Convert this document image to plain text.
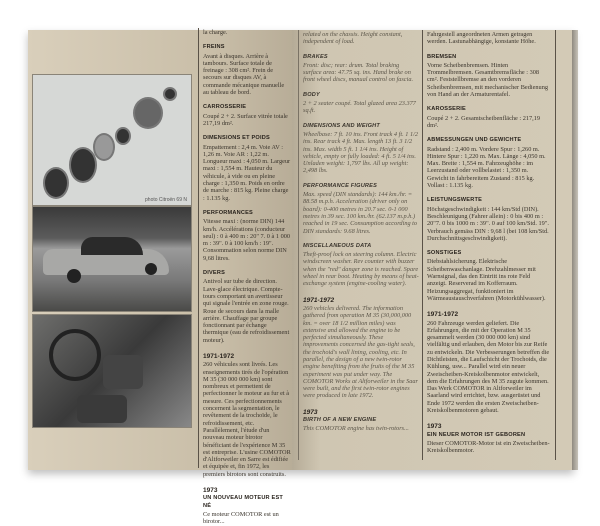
photo Citroën 69 N

la charge.

FREINS

Avant à disques. Arrière à tambours. Surface totale de freinage : 308 cm². Frein de secours sur disques AV, à commande mécanique manuelle au tableau de bord.

CARROSSERIE

Coupé 2 + 2. Surface vitrée totale 217,19 dm².

DIMENSIONS ET POIDS

Empattement : 2,4 m. Voie AV : 1,26 m. Voie AR : 1,22 m. Longueur maxi : 4,050 m. Largeur maxi : 1,554 m. Hauteur du véhicule, à vide ou en pleine charge : 1,350 m. Poids en ordre de marche : 815 kg. Pleine charge : 1.135 kg.

PERFORMANCES

Vitesse maxi : (norme DIN) 144 km/h. Accélérations (conducteur seul) : 0 à 400 m : 20" 7. 0 à 1 000 m : 39". 0 à 100 km/h : 19". Consommation selon norme DIN 9,68 litres.

DIVERS

Antivol sur tube de direction. Lave-glace électrique. Compte-tours comportant un avertisseur qui signale l'entrée en zone rouge. Roue de secours dans la malle arrière. Chauffage par groupe fonctionnant par échange thermique (eau de refroidissement moteur).

1971-1972

260 véhicules sont livrés. Les enseignements tirés de l'opération M 35 (30 000 000 km) sont nombreux et permettent de perfectionner le moteur au fur et à mesure. Ces perfectionnements concernent la segmentation, le revêtement de la trochoïde, le refroidissement, etc. Parallèlement, l'étude d'un nouveau moteur birotor bénéficiant de l'expérience M 35 est entreprise. L'usine COMOTOR d'Altforweiler en Sarre est édifiée et équipée et, fin 1972, les premiers birotors sont construits.

1973
UN NOUVEAU MOTEUR EST NÉ

Ce moteur COMOTOR est un birotor...

related on the chassis. Height constant, independent of load.

BRAKES

Front: disc; rear: drum. Total braking surface area: 47.75 sq. ins. Hand brake on front wheel discs, manual control on fascia.

BODY

2 + 2 seater coupé. Total glazed area 23.377 sq.ft.

DIMENSIONS AND WEIGHT

Wheelbase: 7 ft. 10 ins. Front track 4 ft. 1 1/2 ins. Rear track 4 ft. Max. length 13 ft. 3 1/2 ins. Max. width 5 ft. 1 1/4 ins. Height of vehicle, empty or fully loaded: 4 ft. 5 1/4 ins. Unladen weight: 1,797 lbs. All up weight: 2,498 lbs.

PERFORMANCE FIGURES

Max. speed (DIN standards): 144 km./hr. = 88.58 m.p.h. Acceleration (driver only on board): 0-400 metres in 20.7 sec. 0-1 000 metres in 39 sec. 100 km./hr. (62.137 m.p.h.) reached in 19 sec. Consumption according to DIN standards: 9.68 litres.

MISCELLANEOUS DATA

Theft-proof lock on steering column. Electric windscreen washer. Rev counter with buzzer when the "red" danger zone is reached. Spare wheel in rear boot. Heating by means of heat-exchange system (engine-cooling water).

1971-1972

260 vehicles delivered. The information gathered from operation M 35 (30,000,000 km. = over 18 1/2 million miles) was extensive and allowed the engine to be perfected simultaneously. These improvements concerned the gas-tight seals, the trochoid's wall lining, cooling, etc. In parallel, the design of a new twin-rotor engine benefiting from the fruits of the M 35 experiment was put under way. The COMOTOR Works at Altforweiler in the Saar were built, and the first twin-rotor engines were produced in late 1972.

1973
BIRTH OF A NEW ENGINE

This COMOTOR engine has twin-rotors...

Fahrgestell angeordneten Armen getragen werden. Lastunabhängige, konstante Höhe.

BREMSEN

Vorne Scheibenbremsen. Hinten Trommelbremsen. Gesamtbremsfläche : 308 cm². Feststellbremse an den vorderen Scheibenbremsen, mit mechanischer Bedienung von Hand an der Armaturentafel.

KAROSSERIE

Coupé 2 + 2. Gesamtscheibenfläche : 217,19 dm².

ABMESSUNGEN UND GEWICHTE

Radstand : 2,400 m. Vordere Spur : 1,260 m. Hintere Spur : 1,220 m. Max. Länge : 4,050 m. Max. Breite : 1,554 m. Fahrzeughöhe : im Leerzustand oder vollbelastet : 1,350 m. Gewicht in fahrbereitem Zustand : 815 kg. Vollast : 1.135 kg.

LEISTUNGSWERTE

Höchstgeschwindigkeit : 144 km/Std (DIN). Beschleunigung (Fahrer allein) : 0 bis 400 m : 20"7. 0 bis 1000 m : 39". 0 auf 100 km/Std. 19". Verbrauch gemäss DIN : 9,68 l (bei 108 km/Std. Durchschnittsgeschwindigkeit).

SONSTIGES

Diebstahlsicherung. Elektrische Scheibenwaschanlage. Drehzahlmesser mit Warnsignal, das den Eintritt ins rote Feld anzeigt. Reserverad im Kofferraum. Heizungsaggregat, funktioniert im Wärmeaustauschverfahren (Motorkühlwasser).

1971-1972

260 Fahrzeuge werden geliefert. Die Erfahrungen, die mit der Operation M 35 gesammelt werden (30 000 000 km) sind vielfältig und erlauben, den Motor bis zur Reife zu entwickeln. Die Verbesserungen betreffen die Dichtleisten, die Laufschicht der Trochoids, die Kühlung, usw... Parallel wird ein neuer Zweischeiben-Kreiskolbenmotor entwickelt, dem die Erfahrungen des M 35 zugute kommen. Das Werk COMOTOR in Altforweiler im Saarland wird errichtet, bzw. ausgerüstet und Ende 1972 werden die ersten Zweischeiben-Kreiskolbenmotoren gebaut.

1973
EIN NEUER MOTOR IST GEBOREN

Dieser COMOTOR-Motor ist ein Zweischeiben-Kreiskolbenmotor.
